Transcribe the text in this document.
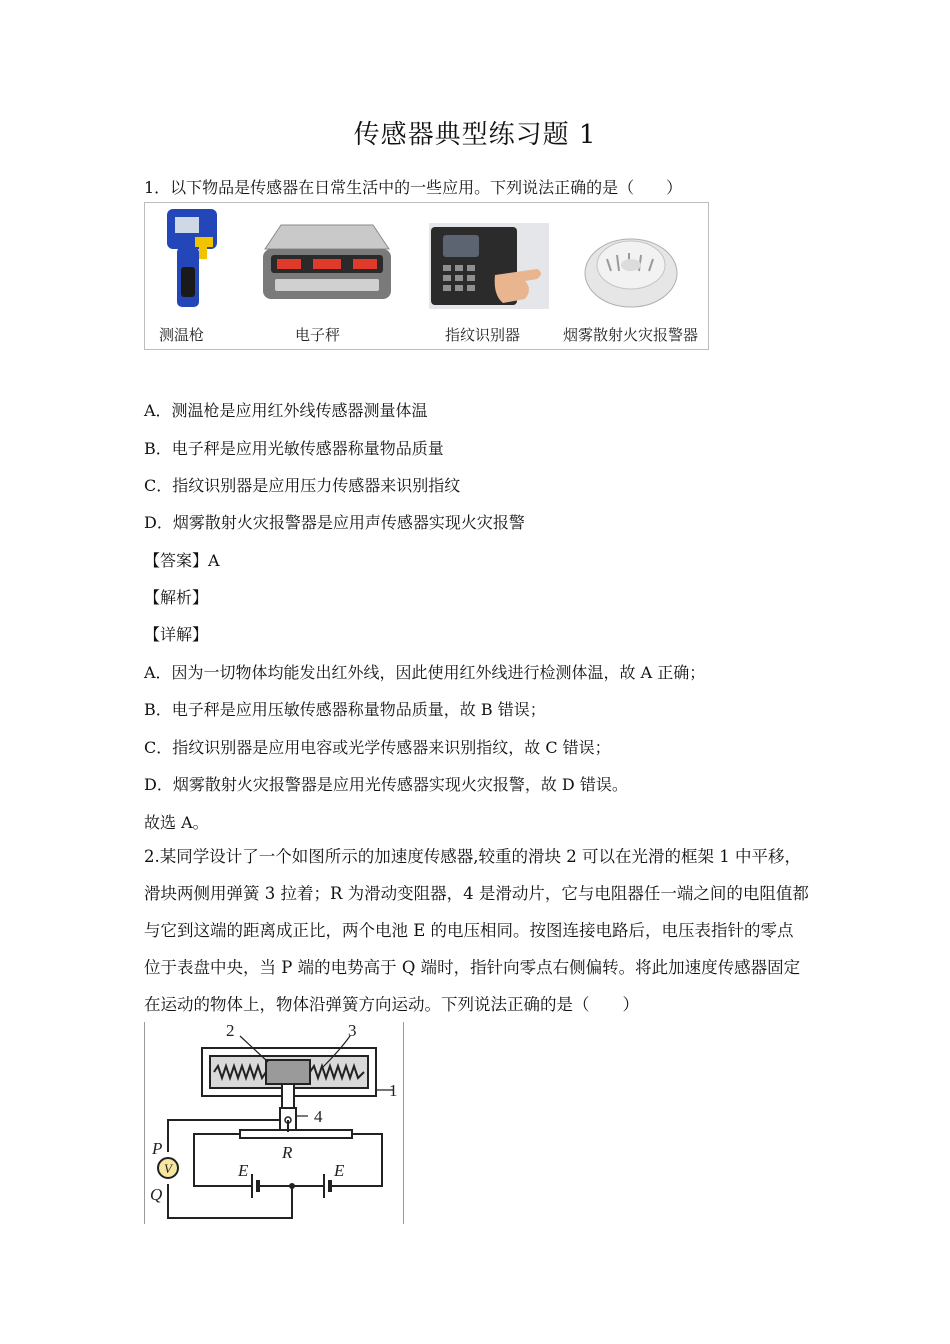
传感器典型练习题 1
1．以下物品是传感器在日常生活中的一些应用。下列说法正确的是（　　）
测温枪	电子秤	指纹识别器	烟雾散射火灾报警器
A．测温枪是应用红外线传感器测量体温
B．电子秤是应用光敏传感器称量物品质量
C．指纹识别器是应用压力传感器来识别指纹
D．烟雾散射火灾报警器是应用声传感器实现火灾报警
【答案】A
【解析】
【详解】
A．因为一切物体均能发出红外线，因此使用红外线进行检测体温，故 A 正确；
B．电子秤是应用压敏传感器称量物品质量，故 B 错误；
C．指纹识别器是应用电容或光学传感器来识别指纹，故 C 错误；
D．烟雾散射火灾报警器是应用光传感器实现火灾报警，故 D 错误。
故选 A。
2.某同学设计了一个如图所示的加速度传感器,较重的滑块 2 可以在光滑的框架 1 中平移，滑块两侧用弹簧 3 拉着；R 为滑动变阻器，4 是滑动片，它与电阻器任一端之间的电阻值都与它到这端的距离成正比，两个电池 E 的电压相同。按图连接电路后，电压表指针的零点位于表盘中央，当 P 端的电势高于 Q 端时，指针向零点右侧偏转。将此加速度传感器固定在运动的物体上，物体沿弹簧方向运动。下列说法正确的是（　　）
V
2	3
1
4
R
P
Q
E	E
